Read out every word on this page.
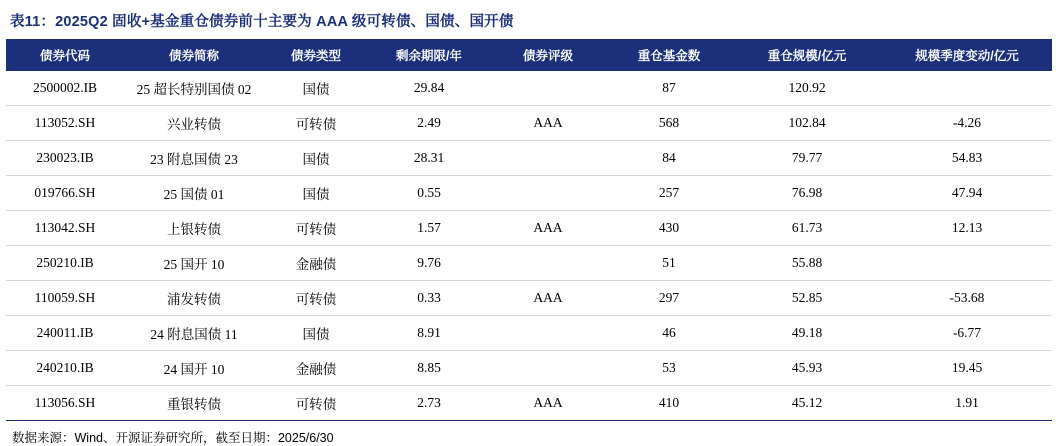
表11：2025Q2 固收+基金重仓债券前十主要为 AAA 级可转债、国债、国开债
债券代码	债券简称	债券类型	剩余期限/年	债券评级	重仓基金数	重仓规模/亿元	规模季度变动/亿元
2500002.IB	25 超长特别国债 02	国债	29.84		87	120.92	
113052.SH	兴业转债	可转债	2.49	AAA	568	102.84	-4.26
230023.IB	23 附息国债 23	国债	28.31		84	79.77	54.83
019766.SH	25 国债 01	国债	0.55		257	76.98	47.94
113042.SH	上银转债	可转债	1.57	AAA	430	61.73	12.13
250210.IB	25 国开 10	金融债	9.76		51	55.88	
110059.SH	浦发转债	可转债	0.33	AAA	297	52.85	-53.68
240011.IB	24 附息国债 11	国债	8.91		46	49.18	-6.77
240210.IB	24 国开 10	金融债	8.85		53	45.93	19.45
113056.SH	重银转债	可转债	2.73	AAA	410	45.12	1.91
数据来源：Wind、开源证券研究所，截至日期：2025/6/30
